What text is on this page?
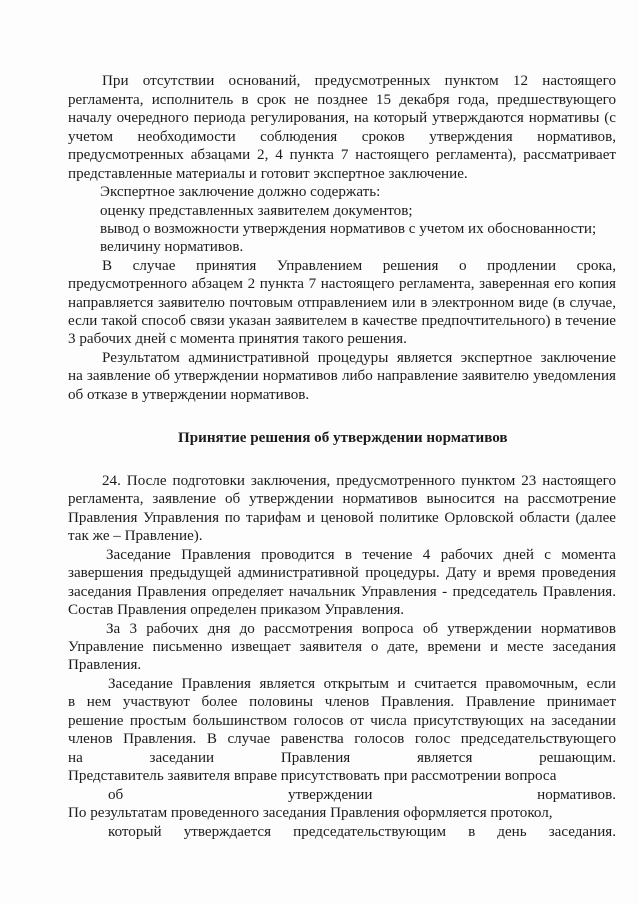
При отсутствии оснований, предусмотренных пунктом 12 настоящего
регламента, исполнитель в срок не позднее 15 декабря года, предшествующего
началу очередного периода регулирования, на который утверждаются нормативы (с
учетом необходимости соблюдения сроков утверждения нормативов,
предусмотренных абзацами 2, 4 пункта 7 настоящего регламента), рассматривает
представленные материалы и готовит экспертное заключение.
Экспертное заключение должно содержать:
оценку представленных заявителем документов;
вывод о возможности утверждения нормативов с учетом их обоснованности;
величину нормативов.
В случае принятия Управлением решения о продлении срока,
предусмотренного абзацем 2 пункта 7 настоящего регламента, заверенная его копия
направляется заявителю почтовым отправлением или в электронном виде (в случае,
если такой способ связи указан заявителем в качестве предпочтительного) в течение
3 рабочих дней с момента принятия такого решения.
Результатом административной процедуры является экспертное заключение
на заявление об утверждении нормативов либо направление заявителю уведомления
об отказе в утверждении нормативов.
Принятие решения об утверждении нормативов
24. После подготовки заключения, предусмотренного пунктом 23 настоящего
регламента, заявление об утверждении нормативов выносится на рассмотрение
Правления Управления по тарифам и ценовой политике Орловской области (далее
так же – Правление).
Заседание Правления проводится в течение 4 рабочих дней с момента
завершения предыдущей административной процедуры. Дату и время проведения
заседания Правления определяет начальник Управления - председатель Правления.
Состав Правления определен приказом Управления.
За 3 рабочих дня до рассмотрения вопроса об утверждении нормативов
Управление письменно извещает заявителя о дате, времени и месте заседания
Правления.
Заседание Правления является открытым и считается правомочным, если
в нем участвуют более половины членов Правления. Правление принимает
решение простым большинством голосов от числа присутствующих на заседании
членов Правления. В случае равенства голосов голос председательствующего
на заседании Правления является решающим.
Представитель заявителя вправе присутствовать при рассмотрении вопроса
об утверждении нормативов.
По результатам проведенного заседания Правления оформляется протокол,
который утверждается председательствующим в день заседания.
